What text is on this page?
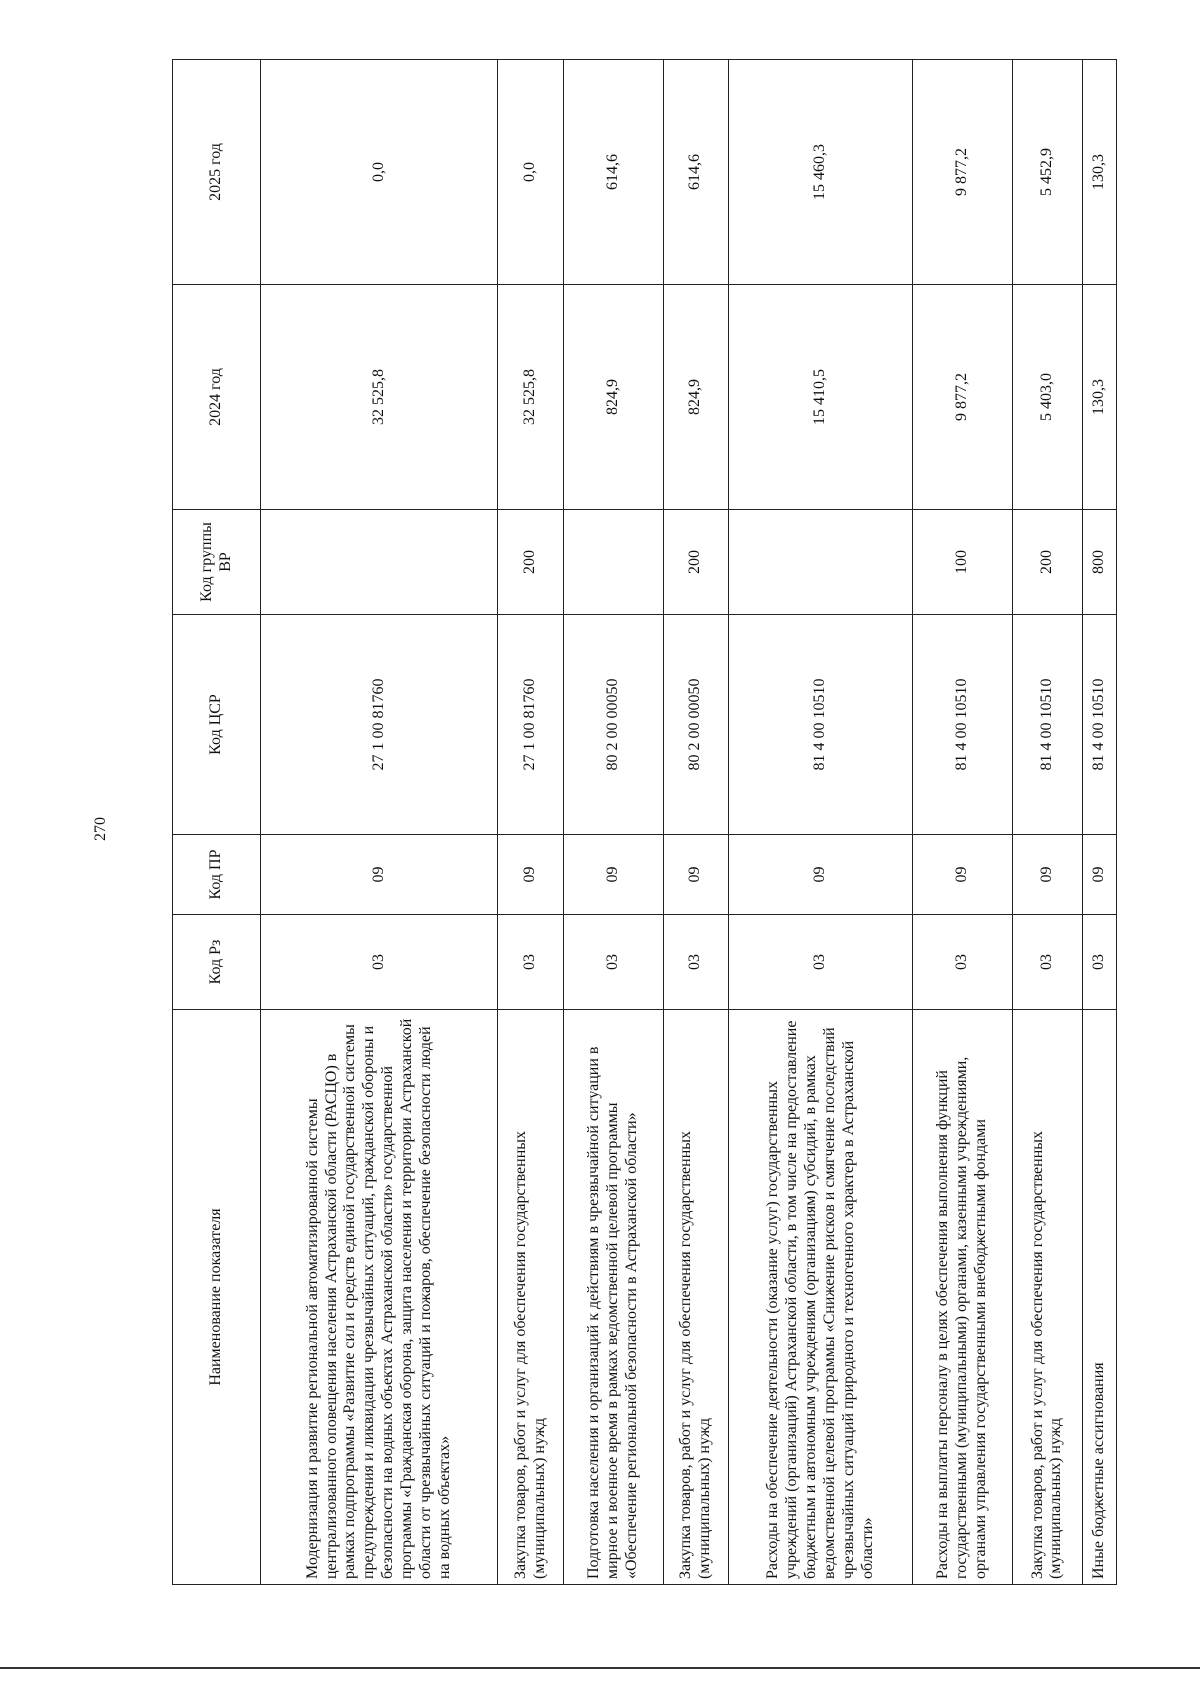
270
Наименование показателя	Код Рз	Код ПР	Код ЦСР	Код группы ВР	2024 год	2025 год
Модернизация и развитие региональной автоматизированной системы централизованного оповещения населения Астраханской области (РАСЦО) в рамках подпрограммы «Развитие сил и средств единой государственной системы предупреждения и ликвидации чрезвычайных ситуаций, гражданской обороны и безопасности на водных объектах Астраханской области» государственной программы «Гражданская оборона, защита населения и территории Астраханской области от чрезвычайных ситуаций и пожаров, обеспечение безопасности людей на водных объектах»	03	09	27 1 00 81760		32 525,8	0,0
Закупка товаров, работ и услуг для обеспечения государственных (муниципальных) нужд	03	09	27 1 00 81760	200	32 525,8	0,0
Подготовка населения и организаций к действиям в чрезвычайной ситуации в мирное и военное время в рамках ведомственной целевой программы «Обеспечение региональной безопасности в Астраханской области»	03	09	80 2 00 00050		824,9	614,6
Закупка товаров, работ и услуг для обеспечения государственных (муниципальных) нужд	03	09	80 2 00 00050	200	824,9	614,6
Расходы на обеспечение деятельности (оказание услуг) государственных учреждений (организаций) Астраханской области, в том числе на предоставление бюджетным и автономным учреждениям (организациям) субсидий, в рамках ведомственной целевой программы «Снижение рисков и смягчение последствий чрезвычайных ситуаций природного и техногенного характера в Астраханской области»	03	09	81 4 00 10510		15 410,5	15 460,3
Расходы на выплаты персоналу в целях обеспечения выполнения функций государственными (муниципальными) органами, казенными учреждениями, органами управления государственными внебюджетными фондами	03	09	81 4 00 10510	100	9 877,2	9 877,2
Закупка товаров, работ и услуг для обеспечения государственных (муниципальных) нужд	03	09	81 4 00 10510	200	5 403,0	5 452,9
Иные бюджетные ассигнования	03	09	81 4 00 10510	800	130,3	130,3
